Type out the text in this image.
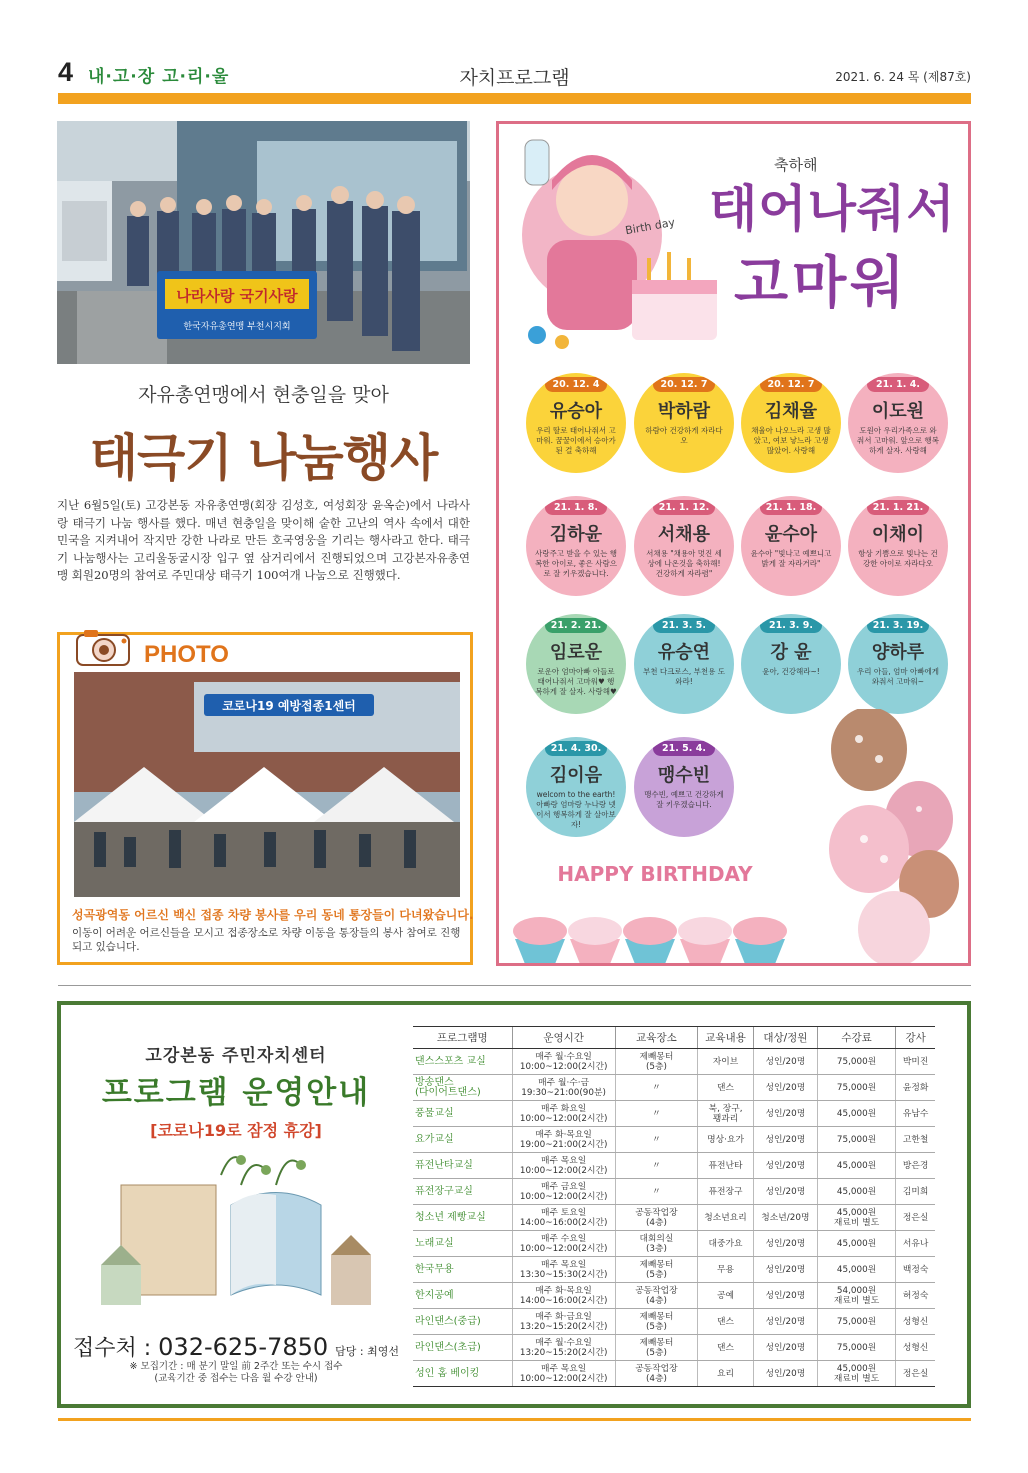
4 내·고·장 고·리·울	자치프로그램	2021. 6. 24 목 (제87호)
나라사랑 국기사랑
한국자유총연맹 부천시지회
자유총연맹에서 현충일을 맞아
태극기 나눔행사
지난 6월5일(토) 고강본동 자유총연맹(회장 김성호, 여성회장 윤옥순)에서 나라사랑 태극기 나눔 행사를 했다. 매년 현충일을 맞이해 숱한 고난의 역사 속에서 대한민국을 지켜내어 작지만 강한 나라로 만든 호국영웅을 기리는 행사라고 한다. 태극기 나눔행사는 고리울동굴시장 입구 옆 삼거리에서 진행되었으며 고강본자유총연맹 회원20명의 참여로 주민대상 태극기 100여개 나눔으로 진행했다.
PHOTO
코로나19 예방접종1센터
성곡광역동 어르신 백신 접종 차량 봉사를 우리 동네 통장들이 다녀왔습니다.
이동이 어려운 어르신들을 모시고 접종장소로 차량 이동을 통장들의 봉사 참여로 진행되고 있습니다.
Birth day
축하해
태어나줘서
고마워
20. 12. 4
유승아
우리 딸로 태어나줘서 고마워. 꿈꿀이에서 승아가 된 걸 축하해
20. 12. 7
박하람
하람아 건강하게 자라다오
20. 12. 7
김채율
채율아 나오느라 고생 많았고, 여보 낳느라 고생 많았어. 사랑해
21. 1. 4.
이도원
도원아 우리가족으로 와줘서 고마워. 앞으로 행복하게 살자. 사랑해
21. 1. 8.
김하윤
사랑주고 받을 수 있는 행복한 아이로, 좋은 사람으로 잘 키우겠습니다.
21. 1. 12.
서채용
서채용 "채용아 멋진 세상에 나온것을 축하해! 건강하게 자라렴"
21. 1. 18.
윤수아
윤수아 "빛나고 예쁘니고 밝게 잘 자라거라"
21. 1. 21.
이채이
항상 기쁨으로 빛나는 건강한 아이로 자라다오
21. 2. 21.
임로운
로운아 엄마아빠 아들로 태어나줘서 고마워♥ 행복하게 잘 살자. 사랑해♥
21. 3. 5.
유승연
부천 다크로스, 부천용 도와라!
21. 3. 9.
강 윤
윤아, 건강해라~!
21. 3. 19.
양하루
우리 아들, 엄마 아빠에게 와줘서 고마워~
21. 4. 30.
김이음
welcom to the earth! 아빠랑 엄마랑 누나랑 넷이서 행복하게 잘 살아보자!
21. 5. 4.
맹수빈
맹수빈, 예쁘고 건강하게 잘 키우겠습니다.
HAPPY BIRTHDAY
고강본동 주민자치센터
프로그램 운영안내
[코로나19로 잠정 휴강]
접수처 : 032-625-7850 담당 : 최영선
※ 모집기간 : 매 분기 말일 前 2주간 또는 수시 접수
(교육기간 중 접수는 다음 월 수강 안내)
프로그램명	운영시간	교육장소	교육내용	대상/정원	수강료	강사
댄스스포츠 교실	매주 월·수요일
10:00~12:00(2시간)	제빼몽터
(5층)	자이브	성인/20명	75,000원	박미진
방송댄스
(다이어트댄스)	매주 월·수·금
19:30~21:00(90분)	〃	댄스	성인/20명	75,000원	윤정화
풍물교실	매주 화요일
10:00~12:00(2시간)	〃	북, 장구,
꽹과리	성인/20명	45,000원	유남수
요가교실	매주 화·목요일
19:00~21:00(2시간)	〃	명상·요가	성인/20명	75,000원	고한철
퓨전난타교실	매주 목요일
10:00~12:00(2시간)	〃	퓨전난타	성인/20명	45,000원	방은경
퓨전장구교실	매주 금요일
10:00~12:00(2시간)	〃	퓨전장구	성인/20명	45,000원	김미희
청소년 제빵교실	매주 토요일
14:00~16:00(2시간)	공동작업장
(4층)	청소년요리	청소년/20명	45,000원
재료비 별도	정은실
노래교실	매주 수요일
10:00~12:00(2시간)	대회의실
(3층)	대중가요	성인/20명	45,000원	서유나
한국무용	매주 목요일
13:30~15:30(2시간)	제빼몽터
(5층)	무용	성인/20명	45,000원	백정숙
한지공예	매주 화·목요일
14:00~16:00(2시간)	공동작업장
(4층)	공예	성인/20명	54,000원
재료비 별도	허정숙
라인댄스(중급)	매주 화·금요일
13:20~15:20(2시간)	제빼몽터
(5층)	댄스	성인/20명	75,000원	성형신
라인댄스(초급)	매주 월·수요일
13:20~15:20(2시간)	제빼몽터
(5층)	댄스	성인/20명	75,000원	성형신
성인 홈 베이킹	매주 목요일
10:00~12:00(2시간)	공동작업장
(4층)	요리	성인/20명	45,000원
재료비 별도	정은실
